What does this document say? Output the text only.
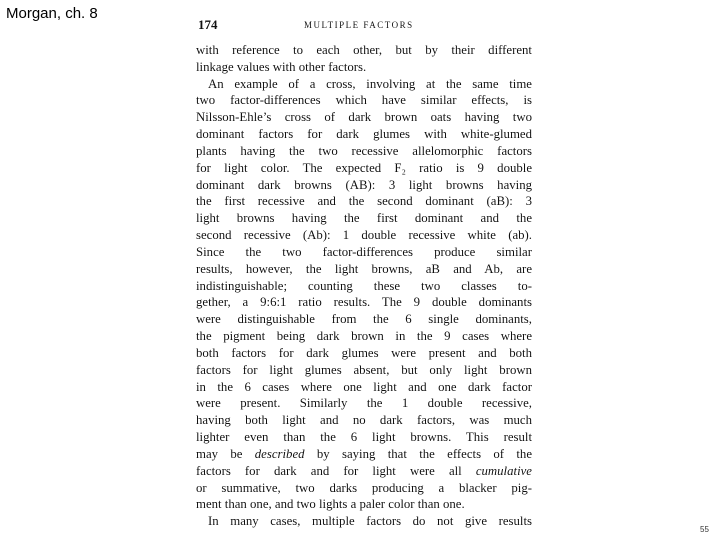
Morgan, ch. 8
174	MULTIPLE FACTORS
with reference to each other, but by their different
linkage values with other factors.
An example of a cross, involving at the same time
two factor-differences which have similar effects, is
Nilsson-Ehle’s cross of dark brown oats having two
dominant factors for dark glumes with white-glumed
plants having the two recessive allelomorphic factors
for light color. The expected F₂ ratio is 9 double
dominant dark browns (AB): 3 light browns having
the first recessive and the second dominant (aB): 3
light browns having the first dominant and the
second recessive (Ab): 1 double recessive white (ab).
Since the two factor-differences produce similar
results, however, the light browns, aB and Ab, are
indistinguishable; counting these two classes to-
gether, a 9:6:1 ratio results. The 9 double dominants
were distinguishable from the 6 single dominants,
the pigment being dark brown in the 9 cases where
both factors for dark glumes were present and both
factors for light glumes absent, but only light brown
in the 6 cases where one light and one dark factor
were present. Similarly the 1 double recessive,
having both light and no dark factors, was much
lighter even than the 6 light browns. This result
may be described by saying that the effects of the
factors for dark and for light were all cumulative
or summative, two darks producing a blacker pig-
ment than one, and two lights a paler color than one.
In many cases, multiple factors do not give results
55
